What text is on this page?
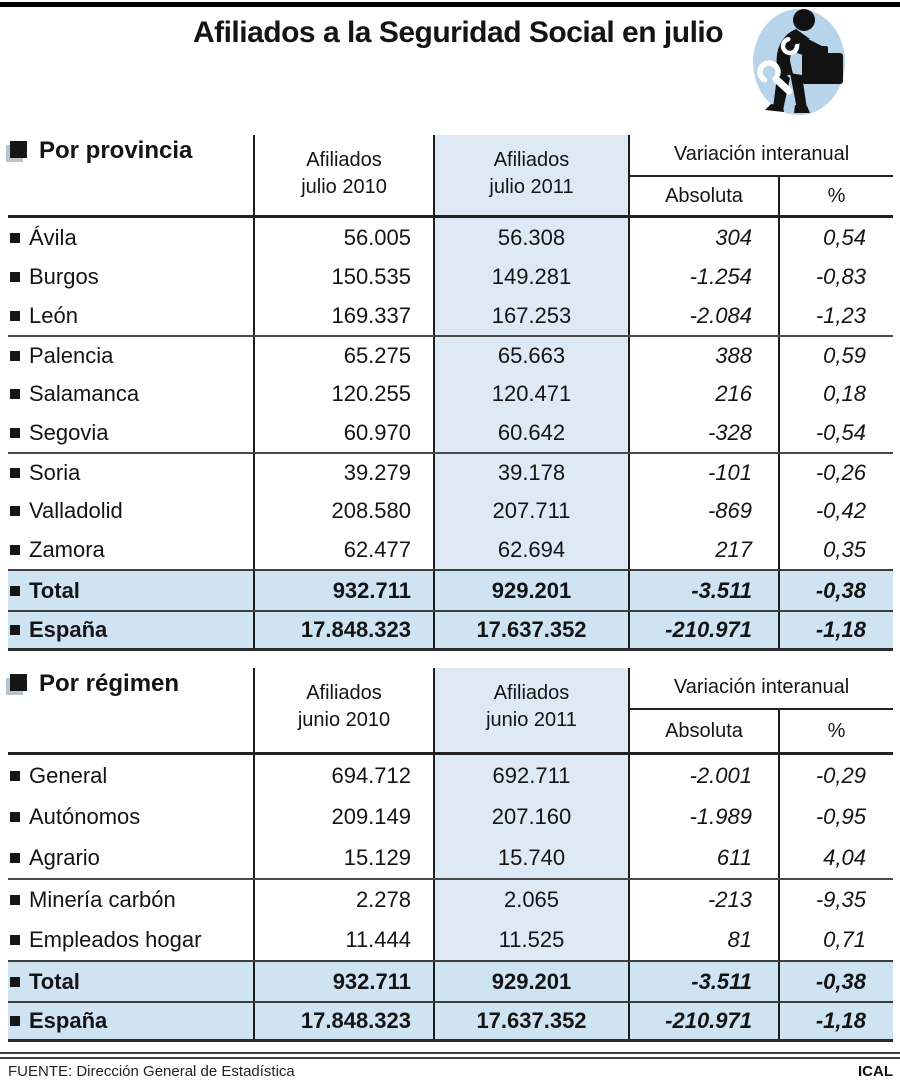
Afiliados a la Seguridad Social en julio
Por provincia	Afiliados
julio 2010
Afiliados
julio 2011
Variación interanual
Absoluta	%
Ávila	56.005	56.308	304	0,54
Burgos	150.535	149.281	-1.254	-0,83
León	169.337	167.253	-2.084	-1,23
Palencia	65.275	65.663	388	0,59
Salamanca	120.255	120.471	216	0,18
Segovia	60.970	60.642	-328	-0,54
Soria	39.279	39.178	-101	-0,26
Valladolid	208.580	207.711	-869	-0,42
Zamora	62.477	62.694	217	0,35
Total	932.711	929.201	-3.511	-0,38
España	17.848.323	17.637.352	-210.971	-1,18
Por régimen	Afiliados
junio 2010
Afiliados
junio 2011
Variación interanual
Absoluta	%
General	694.712	692.711	-2.001	-0,29
Autónomos	209.149	207.160	-1.989	-0,95
Agrario	15.129	15.740	611	4,04
Minería carbón	2.278	2.065	-213	-9,35
Empleados hogar	11.444	11.525	81	0,71
Total	932.711	929.201	-3.511	-0,38
España	17.848.323	17.637.352	-210.971	-1,18
FUENTE: Dirección General de Estadística	ICAL
